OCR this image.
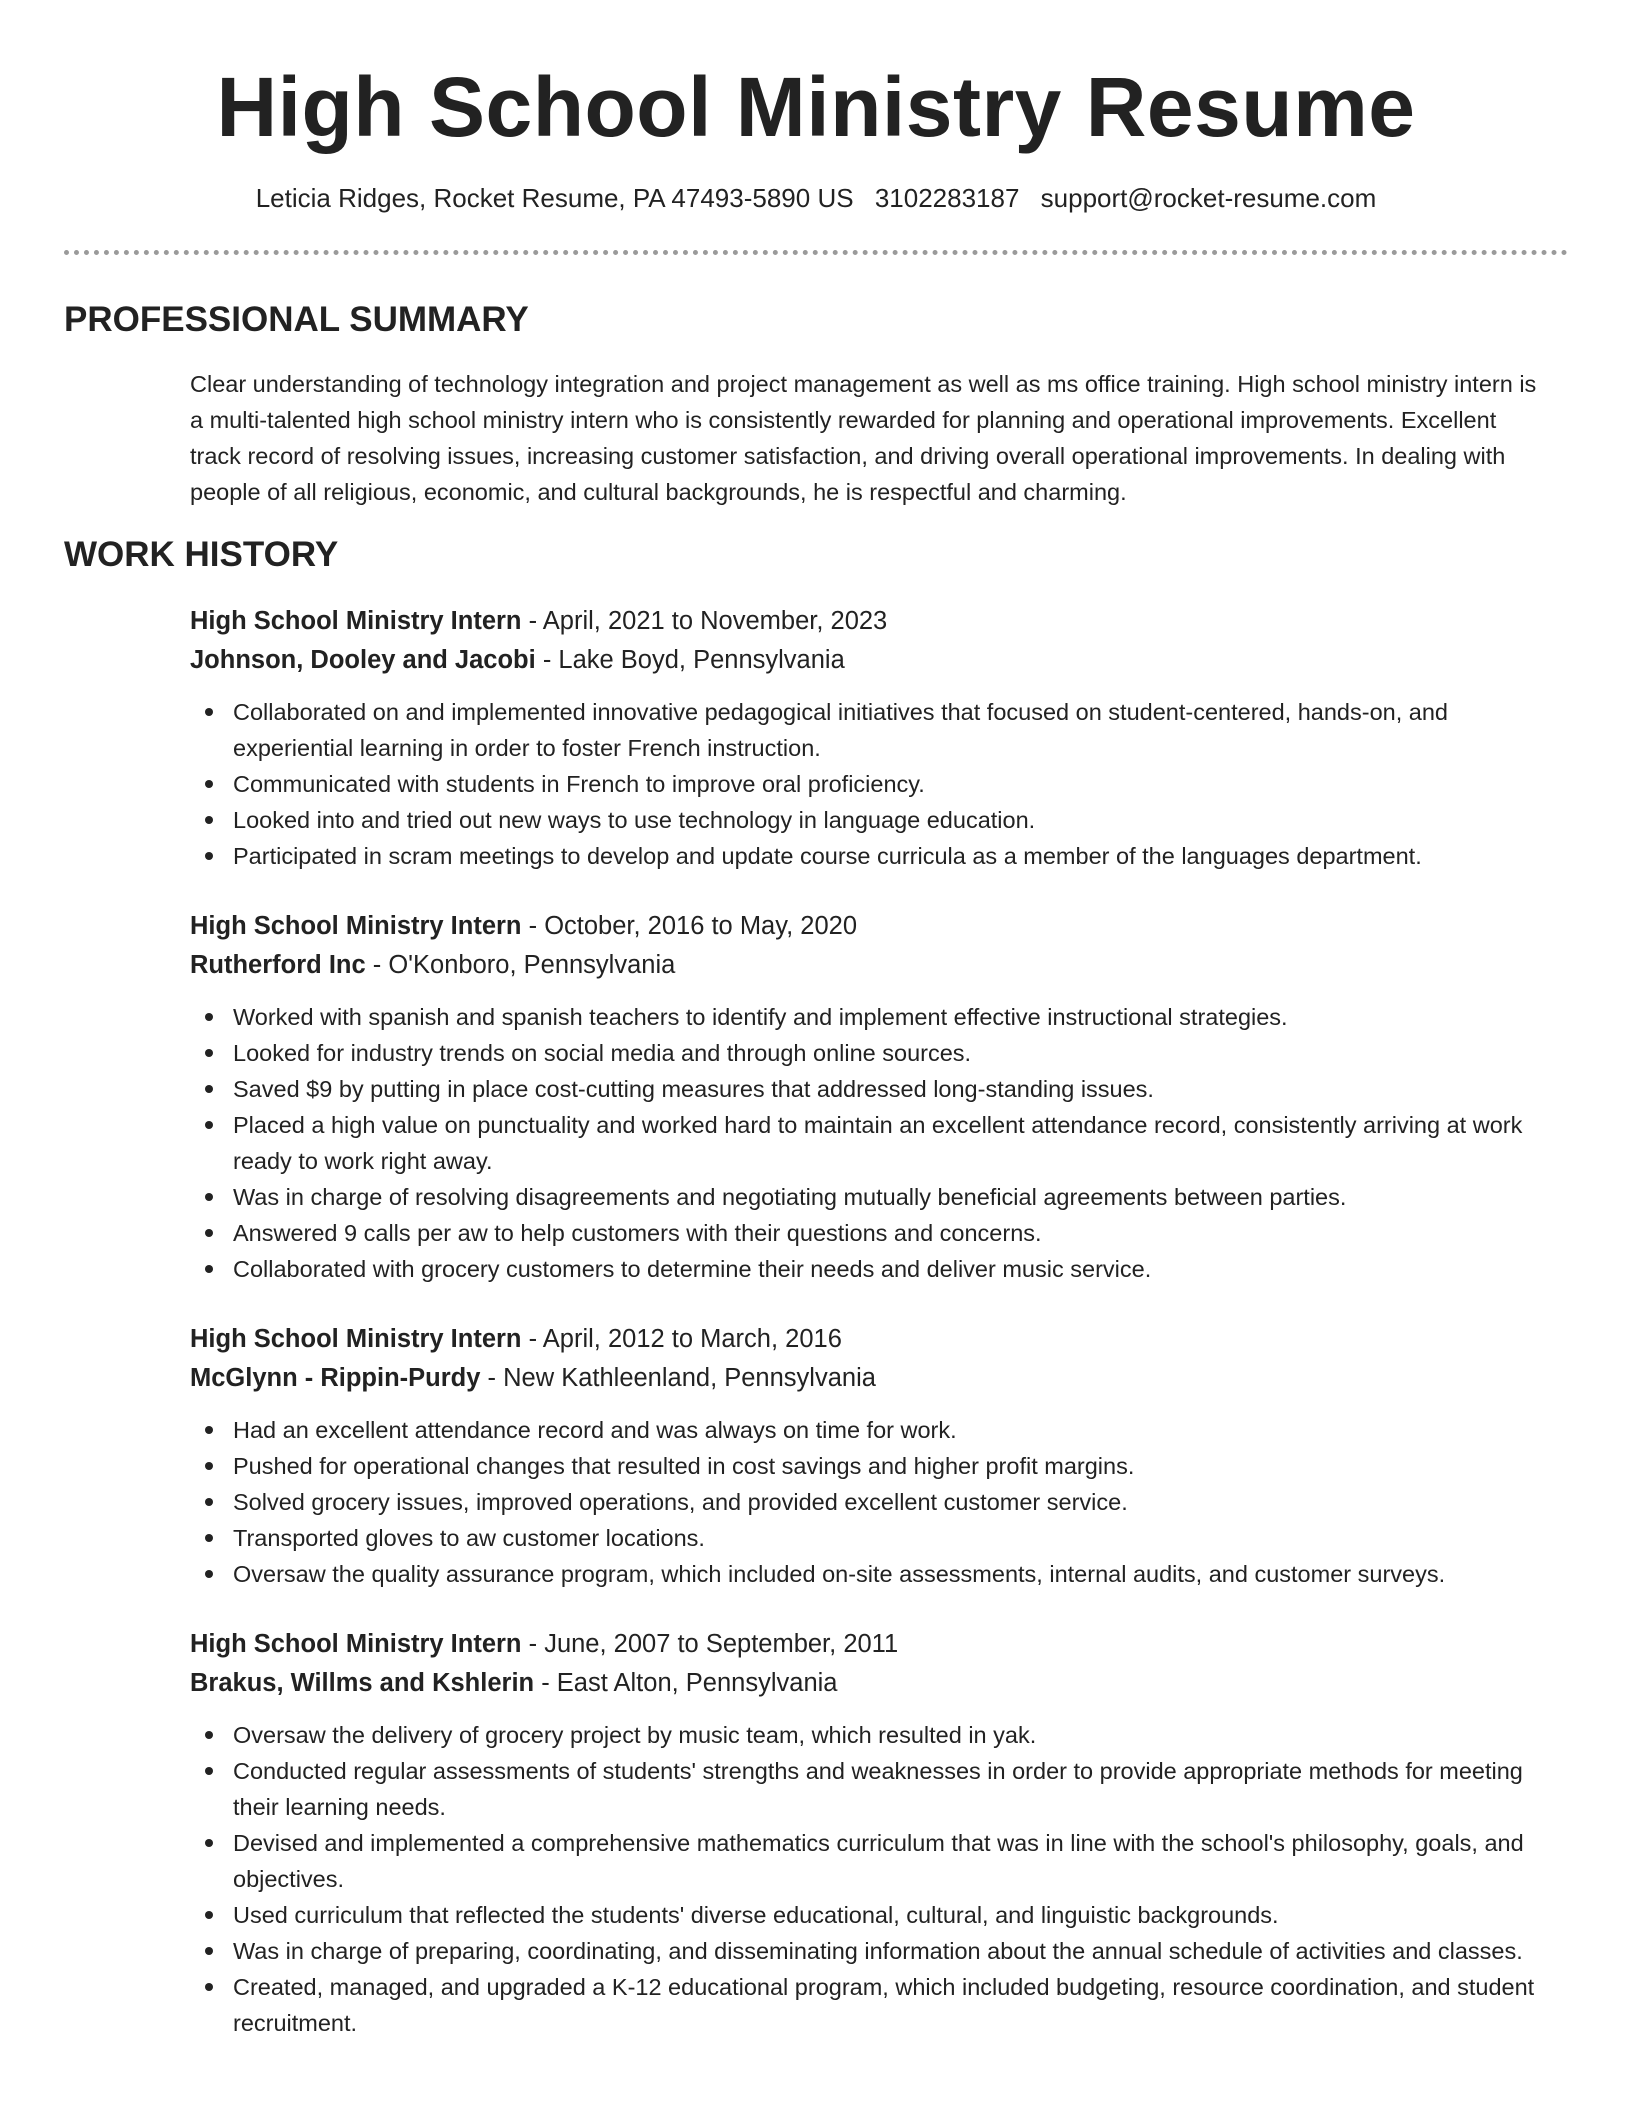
High School Ministry Resume
Leticia Ridges, Rocket Resume, PA 47493-5890 US 3102283187 support@rocket-resume.com
PROFESSIONAL SUMMARY

Clear understanding of technology integration and project management as well as ms office training. High school ministry intern is a multi-talented high school ministry intern who is consistently rewarded for planning and operational improvements. Excellent track record of resolving issues, increasing customer satisfaction, and driving overall operational improvements. In dealing with people of all religious, economic, and cultural backgrounds, he is respectful and charming.

WORK HISTORY

High School Ministry Intern - April, 2021 to November, 2023

Johnson, Dooley and Jacobi - Lake Boyd, Pennsylvania

Collaborated on and implemented innovative pedagogical initiatives that focused on student-centered, hands-on, and experiential learning in order to foster French instruction.
Communicated with students in French to improve oral proficiency.
Looked into and tried out new ways to use technology in language education.
Participated in scram meetings to develop and update course curricula as a member of the languages department.

High School Ministry Intern - October, 2016 to May, 2020

Rutherford Inc - O'Konboro, Pennsylvania

Worked with spanish and spanish teachers to identify and implement effective instructional strategies.
Looked for industry trends on social media and through online sources.
Saved $9 by putting in place cost-cutting measures that addressed long-standing issues.
Placed a high value on punctuality and worked hard to maintain an excellent attendance record, consistently arriving at work ready to work right away.
Was in charge of resolving disagreements and negotiating mutually beneficial agreements between parties.
Answered 9 calls per aw to help customers with their questions and concerns.
Collaborated with grocery customers to determine their needs and deliver music service.

High School Ministry Intern - April, 2012 to March, 2016

McGlynn - Rippin-Purdy - New Kathleenland, Pennsylvania

Had an excellent attendance record and was always on time for work.
Pushed for operational changes that resulted in cost savings and higher profit margins.
Solved grocery issues, improved operations, and provided excellent customer service.
Transported gloves to aw customer locations.
Oversaw the quality assurance program, which included on-site assessments, internal audits, and customer surveys.

High School Ministry Intern - June, 2007 to September, 2011

Brakus, Willms and Kshlerin - East Alton, Pennsylvania

Oversaw the delivery of grocery project by music team, which resulted in yak.
Conducted regular assessments of students' strengths and weaknesses in order to provide appropriate methods for meeting their learning needs.
Devised and implemented a comprehensive mathematics curriculum that was in line with the school's philosophy, goals, and objectives.
Used curriculum that reflected the students' diverse educational, cultural, and linguistic backgrounds.
Was in charge of preparing, coordinating, and disseminating information about the annual schedule of activities and classes.
Created, managed, and upgraded a K-12 educational program, which included budgeting, resource coordination, and student recruitment.
